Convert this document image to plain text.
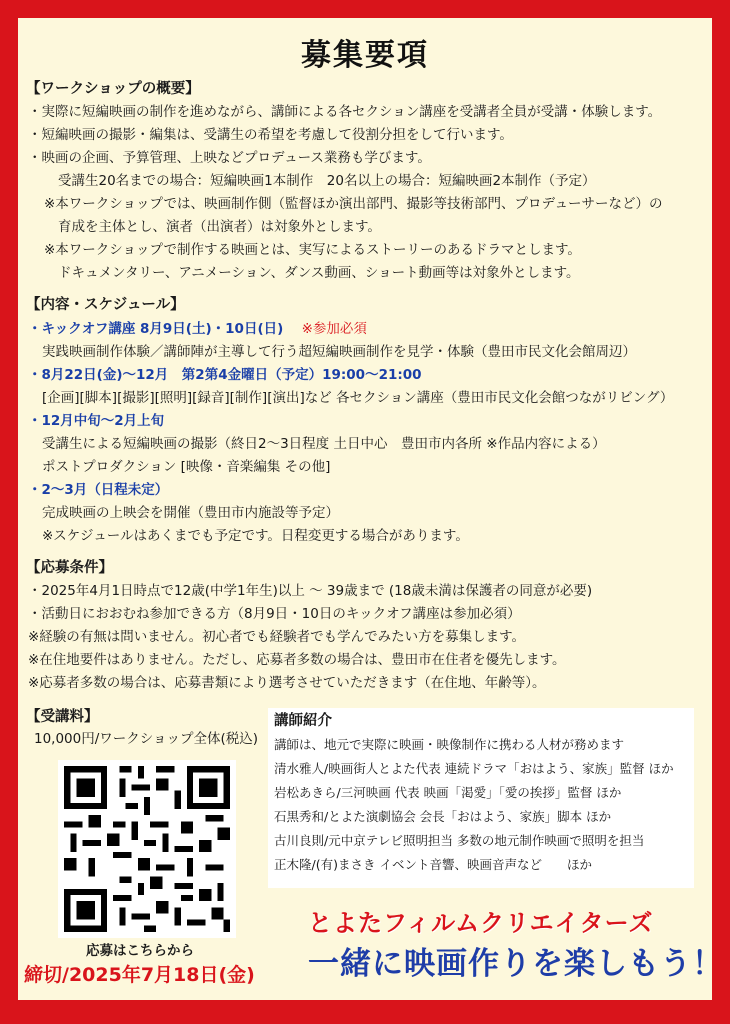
募集要項
【ワークショップの概要】
・実際に短編映画の制作を進めながら、講師による各セクション講座を受講者全員が受講・体験します。
・短編映画の撮影・編集は、受講生の希望を考慮して役割分担をして行います。
・映画の企画、予算管理、上映などプロデュース業務も学びます。
受講生20名までの場合：短編映画1本制作　20名以上の場合：短編映画2本制作（予定）
※本ワークショップでは、映画制作側（監督ほか演出部門、撮影等技術部門、プロデューサーなど）の
育成を主体とし、演者（出演者）は対象外とします。
※本ワークショップで制作する映画とは、実写によるストーリーのあるドラマとします。
ドキュメンタリー、アニメーション、ダンス動画、ショート動画等は対象外とします。
【内容・スケジュール】
・キックオフ講座 8月9日(土)・10日(日) ※参加必須
実践映画制作体験／講師陣が主導して行う超短編映画制作を見学・体験（豊田市民文化会館周辺）
・8月22日(金)～12月　第2第4金曜日（予定）19:00～21:00
[企画][脚本][撮影][照明][録音][制作][演出]など 各セクション講座（豊田市民文化会館つながリビング）
・12月中旬～2月上旬
受講生による短編映画の撮影（終日2～3日程度 土日中心　豊田市内各所 ※作品内容による）
ポストプロダクション [映像・音楽編集 その他]
・2～3月（日程未定）
完成映画の上映会を開催（豊田市内施設等予定）
※スケジュールはあくまでも予定です。日程変更する場合があります。
【応募条件】
・2025年4月1日時点で12歳(中学1年生)以上 ～ 39歳まで (18歳未満は保護者の同意が必要)
・活動日におおむね参加できる方（8月9日・10日のキックオフ講座は参加必須）
※経験の有無は問いません。初心者でも経験者でも学んでみたい方を募集します。
※在住地要件はありません。ただし、応募者多数の場合は、豊田市在住者を優先します。
※応募者多数の場合は、応募書類により選考させていただきます（在住地、年齢等）。
【受講料】
10,000円/ワークショップ全体(税込)
応募はこちらから
締切/2025年7月18日(金)
講師紹介
講師は、地元で実際に映画・映像制作に携わる人材が務めます
清水雅人/映画街人とよた代表 連続ドラマ「おはよう、家族」監督 ほか
岩松あきら/三河映画 代表 映画「渇愛」「愛の挨拶」監督 ほか
石黒秀和/とよた演劇協会 会長「おはよう、家族」脚本 ほか
古川良則/元中京テレビ照明担当 多数の地元制作映画で照明を担当
正木隆/(有)まさき イベント音響、映画音声など　　ほか
とよたフィルムクリエイターズ
一緒に映画作りを楽しもう！
